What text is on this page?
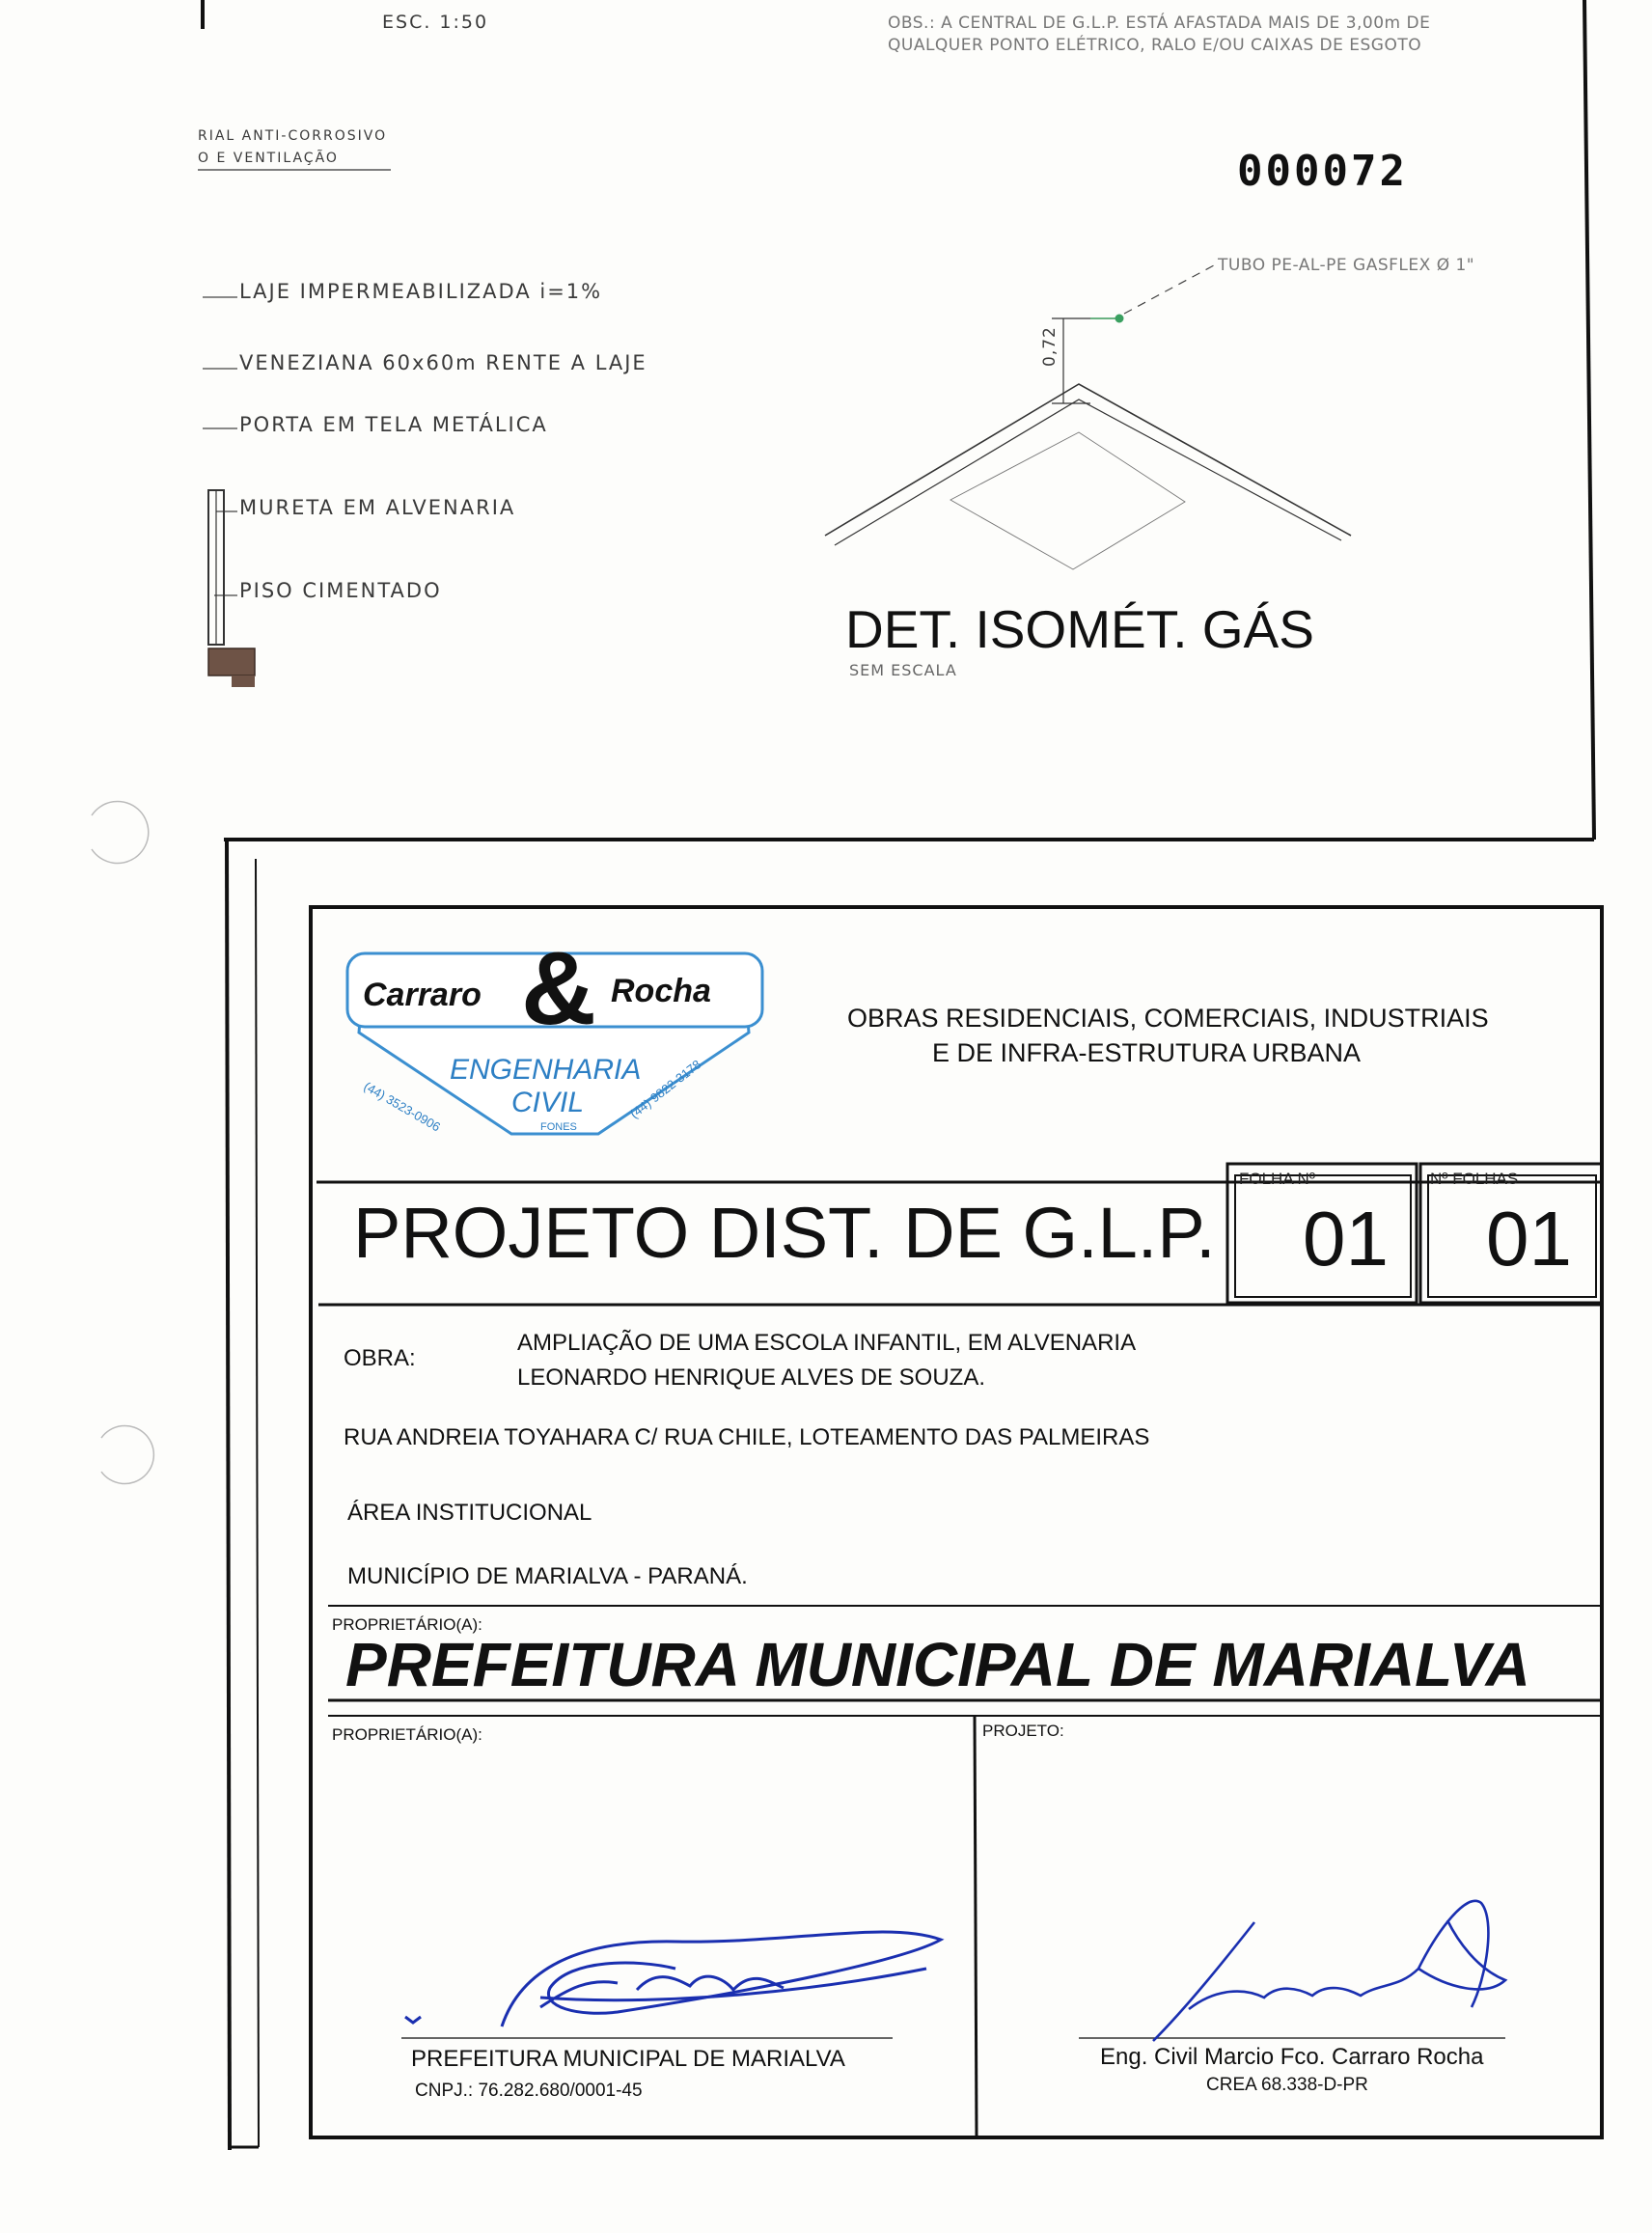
ESC. 1:50	OBS.: A CENTRAL DE G.L.P. ESTÁ AFASTADA MAIS DE 3,00m DE
QUALQUER PONTO ELÉTRICO, RALO E/OU CAIXAS DE ESGOTO
RIAL ANTI-CORROSIVO
O E VENTILAÇÃO	000072
LAJE IMPERMEABILIZADA i=1%
VENEZIANA 60x60m RENTE A LAJE
PORTA EM TELA METÁLICA
MURETA EM ALVENARIA
PISO CIMENTADO
TUBO PE-AL-PE GASFLEX Ø 1"
0,72
DET. ISOMÉT. GÁS
SEM ESCALA
Carraro & Rocha
ENGENHARIA
CIVIL
(44) 3523-0906	(44) 9822-3178
FONES
OBRAS RESIDENCIAIS, COMERCIAIS, INDUSTRIAIS
E DE INFRA-ESTRUTURA URBANA
PROJETO DIST. DE G.L.P.
FOLHA Nº
01
Nº FOLHAS
01
OBRA:
AMPLIAÇÃO DE UMA ESCOLA INFANTIL, EM ALVENARIA
LEONARDO HENRIQUE ALVES DE SOUZA.
RUA ANDREIA TOYAHARA C/ RUA CHILE, LOTEAMENTO DAS PALMEIRAS
ÁREA INSTITUCIONAL
MUNICÍPIO DE MARIALVA - PARANÁ.
PROPRIETÁRIO(A):
PREFEITURA MUNICIPAL DE MARIALVA
PROPRIETÁRIO(A):	PROJETO:
PREFEITURA MUNICIPAL DE MARIALVA
CNPJ.: 76.282.680/0001-45
Eng. Civil Marcio Fco. Carraro Rocha
CREA 68.338-D-PR
